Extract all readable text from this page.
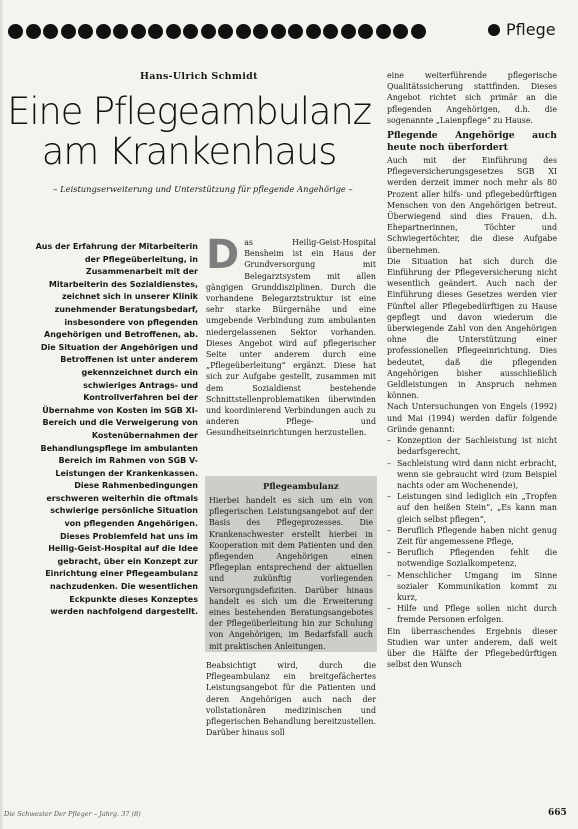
Pflege
Hans-Ulrich Schmidt
Eine Pflegeambulanz
am Krankenhaus
– Leistungserweiterung und Unterstützung für pflegende Angehörige –

Aus der Erfahrung der Mitarbeiterin der Pflegeüberleitung, in Zusammenarbeit mit der Mitarbeiterin des Sozialdienstes, zeichnet sich in unserer Klinik zunehmender Beratungsbedarf, insbesondere von pflegenden Angehörigen und Betroffenen, ab. Die Situation der Angehörigen und Betroffenen ist unter anderem gekennzeichnet durch ein schwieriges Antrags- und Kontrollverfahren bei der Übernahme von Kosten im SGB XI-Bereich und die Verweigerung von Kostenübernahmen der Behandlungspflege im ambulanten Bereich im Rahmen von SGB V-Leistungen der Krankenkassen. Diese Rahmenbedingungen erschweren weiterhin die oftmals schwierige persönliche Situation von pflegenden Angehörigen. Dieses Problemfeld hat uns im Heilig-Geist-Hospital auf die Idee gebracht, über ein Konzept zur Einrichtung einer Pflegeambulanz nachzudenken. Die wesentlichen Eckpunkte dieses Konzeptes werden nachfolgend dargestellt.

Das Heilig-Geist-Hospital Bensheim ist ein Haus der Grundversorgung mit Belegarztsystem mit allen gängigen Grunddisziplinen. Durch die vorhandene Belegarztstruktur ist eine sehr starke Bürgernähe und eine umgebende Verbindung zum ambulanten niedergelassenen Sektor vorhanden. Dieses Angebot wird auf pflegerischer Seite unter anderem durch eine „Pflegeüberleitung“ ergänzt. Diese hat sich zur Aufgabe gestellt, zusammen mit dem Sozialdienst bestehende Schnittstellenproblematiken überwinden und koordinierend Verbindungen auch zu anderen Pflege- und Gesundheitseinrichtungen herzustellen.

Pflegeambulanz

Hierbei handelt es sich um ein von pflegerischen Leistungsangebot auf der Basis des Pflegeprozesses. Die Krankenschwester erstellt hierbei in Kooperation mit dem Patienten und den pflegenden Angehörigen einen Pflegeplan entsprechend der aktuellen und zukünftig vorliegenden Versorgungsdefiziten. Darüber hinaus handelt es sich um die Erweiterung eines bestehenden Beratungsangebotes der Pflegeüberleitung hin zur Schulung von Angehörigen, im Bedarfsfall auch mit praktischen Anleitungen.

Beabsichtigt wird, durch die Pflegeambulanz ein breitgefächertes Leistungsangebot für die Patienten und deren Angehörigen auch nach der vollstationären medizinischen und pflegerischen Behandlung bereitzustellen. Darüber hinaus soll

eine weiterführende pflegerische Qualitätssicherung stattfinden. Dieses Angebot richtet sich primär an die pflegenden Angehörigen, d.h. die sogenannte „Laienpflege“ zu Hause.

Pflegende Angehörige auch heute noch überfordert

Auch mit der Einführung des Pflegeversicherungsgesetzes SGB XI werden derzeit immer noch mehr als 80 Prozent aller hilfs- und pflegebedürftigen Menschen von den Angehörigen betreut. Überwiegend sind dies Frauen, d.h. Ehepartnerinnen, Töchter und Schwiegertöchter, die diese Aufgabe übernehmen.

Die Situation hat sich durch die Einführung der Pflegeversicherung nicht wesentlich geändert. Auch nach der Einführung dieses Gesetzes werden vier Fünftel aller Pflegebedürftigen zu Hause gepflegt und davon wiederum die überwiegende Zahl von den Angehörigen ohne die Unterstützung einer professionellen Pflegeeinrichtung. Dies bedeutet, daß die pflegenden Angehörigen bisher ausschließlich Geldleistungen in Anspruch nehmen können.

Nach Untersuchungen von Engels (1992) und Mai (1994) werden dafür folgende Gründe genannt:

– Konzeption der Sachleistung ist nicht bedarfsgerecht,
– Sachleistung wird dann nicht erbracht, wenn sie gebraucht wird (zum Beispiel nachts oder am Wochenende),
– Leistungen sind lediglich ein „Tropfen auf den heißen Stein“, „Es kann man gleich selbst pflegen“,
– Beruflich Pflegende haben nicht genug Zeit für angemessene Pflege,
– Beruflich Pflegenden fehlt die notwendige Sozialkompetenz,
– Menschlicher Umgang im Sinne sozialer Kommunikation kommt zu kurz,
– Hilfe und Pflege sollen nicht durch fremde Personen erfolgen.

Ein überraschendes Ergebnis dieser Studien war unter anderem, daß weit über die Hälfte der Pflegebedürftigen selbst den Wunsch

Die Schwester Der Pfleger – Jahrg. 37 (8)	665
